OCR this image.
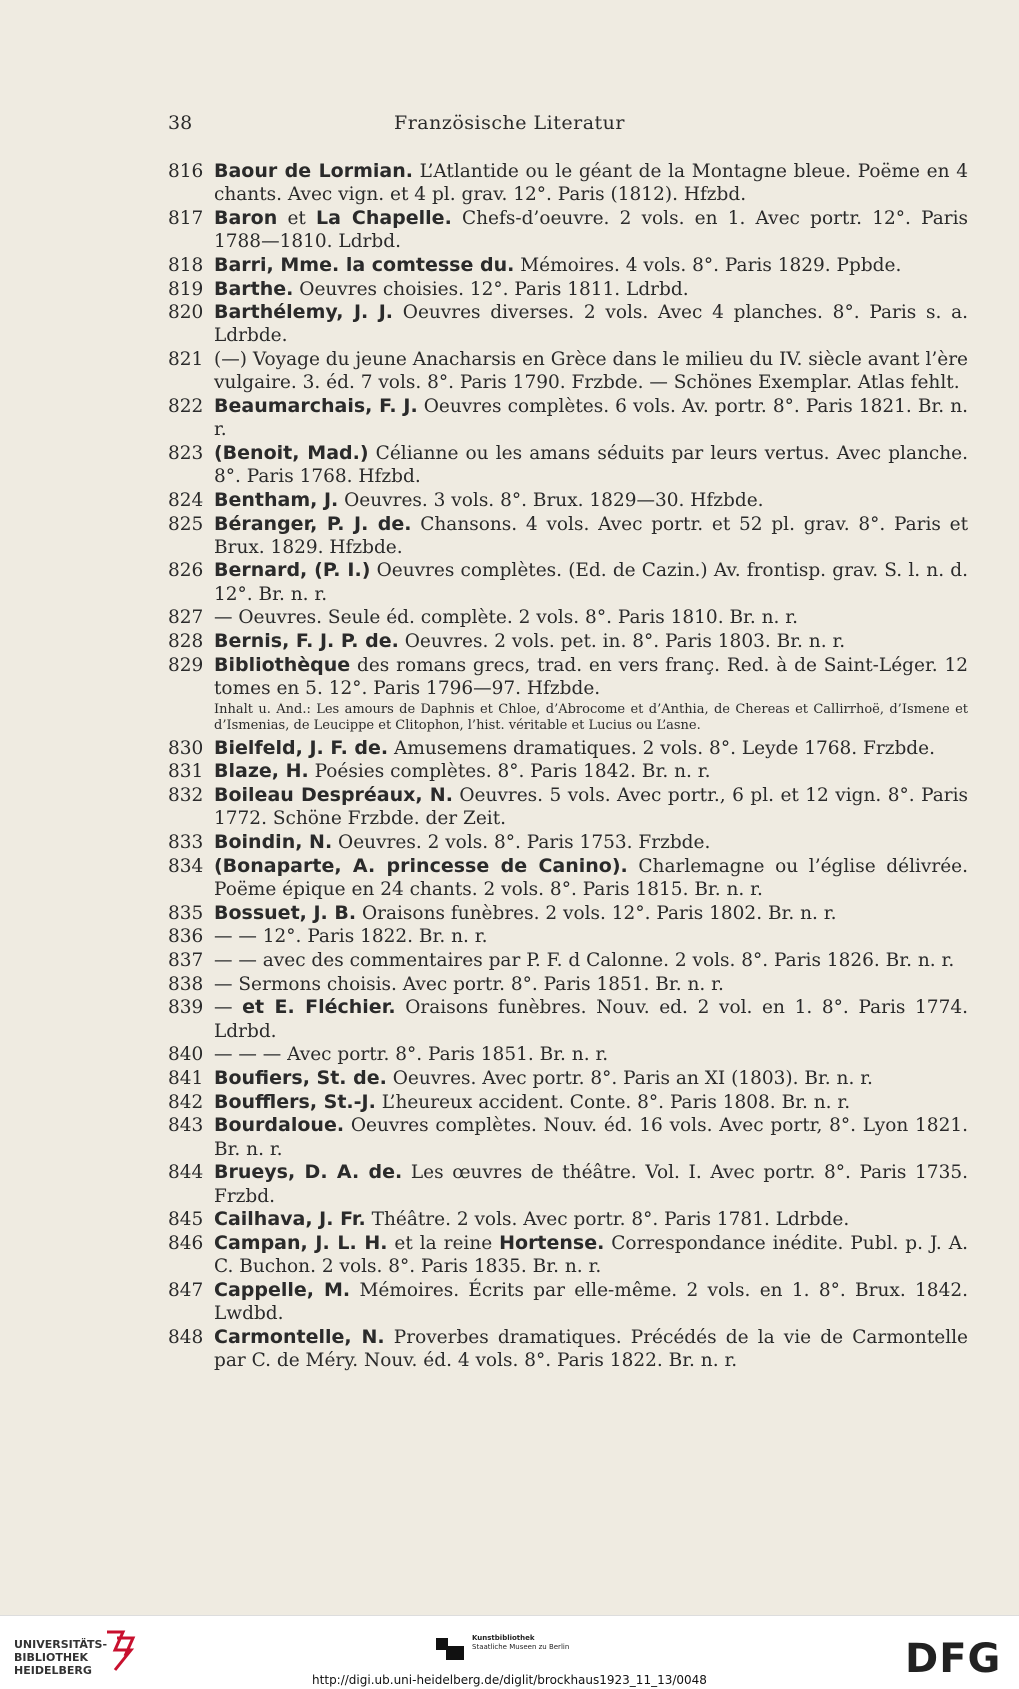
38	Französische Literatur
816 Baour de Lormian. L’Atlantide ou le géant de la Montagne bleue. Poëme en 4 chants. Avec vign. et 4 pl. grav. 12°. Paris (1812). Hfzbd.
817 Baron et La Chapelle. Chefs-d’oeuvre. 2 vols. en 1. Avec portr. 12°. Paris 1788—1810. Ldrbd.
818 Barri, Mme. la comtesse du. Mémoires. 4 vols. 8°. Paris 1829. Ppbde.
819 Barthe. Oeuvres choisies. 12°. Paris 1811. Ldrbd.
820 Barthélemy, J. J. Oeuvres diverses. 2 vols. Avec 4 planches. 8°. Paris s. a. Ldrbde.
821 (—) Voyage du jeune Anacharsis en Grèce dans le milieu du IV. siècle avant l’ère vulgaire. 3. éd. 7 vols. 8°. Paris 1790. Frzbde. — Schönes Exemplar. Atlas fehlt.
822 Beaumarchais, F. J. Oeuvres complètes. 6 vols. Av. portr. 8°. Paris 1821. Br. n. r.
823 (Benoit, Mad.) Célianne ou les amans séduits par leurs vertus. Avec planche. 8°. Paris 1768. Hfzbd.
824 Bentham, J. Oeuvres. 3 vols. 8°. Brux. 1829—30. Hfzbde.
825 Béranger, P. J. de. Chansons. 4 vols. Avec portr. et 52 pl. grav. 8°. Paris et Brux. 1829. Hfzbde.
826 Bernard, (P. I.) Oeuvres complètes. (Ed. de Cazin.) Av. frontisp. grav. S. l. n. d. 12°. Br. n. r.
827 — Oeuvres. Seule éd. complète. 2 vols. 8°. Paris 1810. Br. n. r.
828 Bernis, F. J. P. de. Oeuvres. 2 vols. pet. in. 8°. Paris 1803. Br. n. r.
829 Bibliothèque des romans grecs, trad. en vers franç. Red. à de Saint-Léger. 12 tomes en 5. 12°. Paris 1796—97. Hfzbde.
Inhalt u. And.: Les amours de Daphnis et Chloe, d’Abrocome et d’Anthia, de Chereas et Callirrhoë, d’Ismene et d’Ismenias, de Leucippe et Clitophon, l’hist. véritable et Lucius ou L’asne.
830 Bielfeld, J. F. de. Amusemens dramatiques. 2 vols. 8°. Leyde 1768. Frzbde.
831 Blaze, H. Poésies complètes. 8°. Paris 1842. Br. n. r.
832 Boileau Despréaux, N. Oeuvres. 5 vols. Avec portr., 6 pl. et 12 vign. 8°. Paris 1772. Schöne Frzbde. der Zeit.
833 Boindin, N. Oeuvres. 2 vols. 8°. Paris 1753. Frzbde.
834 (Bonaparte, A. princesse de Canino). Charlemagne ou l’église délivrée. Poëme épique en 24 chants. 2 vols. 8°. Paris 1815. Br. n. r.
835 Bossuet, J. B. Oraisons funèbres. 2 vols. 12°. Paris 1802. Br. n. r.
836 — — 12°. Paris 1822. Br. n. r.
837 — — avec des commentaires par P. F. d Calonne. 2 vols. 8°. Paris 1826. Br. n. r.
838 — Sermons choisis. Avec portr. 8°. Paris 1851. Br. n. r.
839 — et E. Fléchier. Oraisons funèbres. Nouv. ed. 2 vol. en 1. 8°. Paris 1774. Ldrbd.
840 — — — Avec portr. 8°. Paris 1851. Br. n. r.
841 Boufiers, St. de. Oeuvres. Avec portr. 8°. Paris an XI (1803). Br. n. r.
842 Boufflers, St.-J. L’heureux accident. Conte. 8°. Paris 1808. Br. n. r.
843 Bourdaloue. Oeuvres complètes. Nouv. éd. 16 vols. Avec portr, 8°. Lyon 1821. Br. n. r.
844 Brueys, D. A. de. Les œuvres de théâtre. Vol. I. Avec portr. 8°. Paris 1735. Frzbd.
845 Cailhava, J. Fr. Théâtre. 2 vols. Avec portr. 8°. Paris 1781. Ldrbde.
846 Campan, J. L. H. et la reine Hortense. Correspondance inédite. Publ. p. J. A. C. Buchon. 2 vols. 8°. Paris 1835. Br. n. r.
847 Cappelle, M. Mémoires. Écrits par elle-même. 2 vols. en 1. 8°. Brux. 1842. Lwdbd.
848 Carmontelle, N. Proverbes dramatiques. Précédés de la vie de Carmontelle par C. de Méry. Nouv. éd. 4 vols. 8°. Paris 1822. Br. n. r.
UNIVERSITÄTS-
BIBLIOTHEK
HEIDELBERG
Kunstbibliothek
Staatliche Museen zu Berlin	DFG
http://digi.ub.uni-heidelberg.de/diglit/brockhaus1923_11_13/0048
